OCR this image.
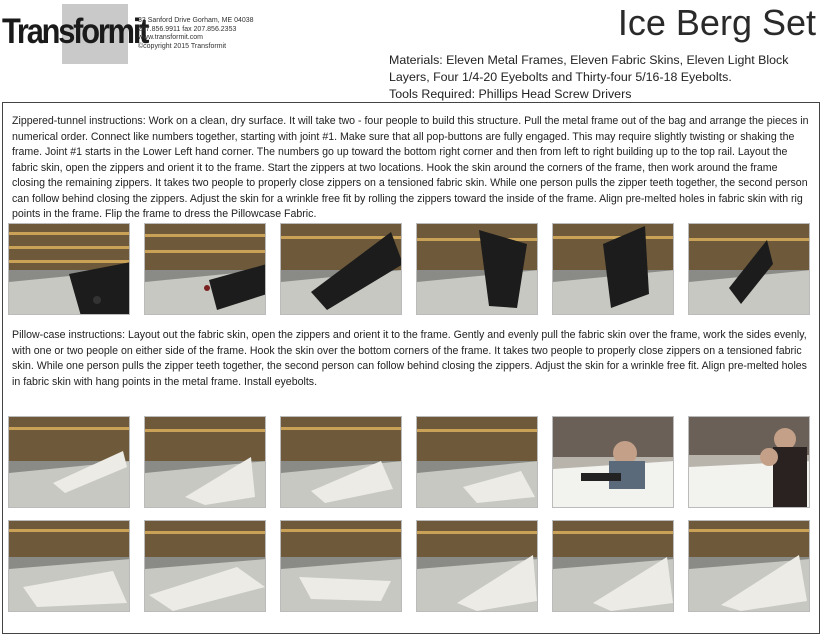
Transformit
33 Sanford Drive Gorham, ME 04038
207.856.9911 fax 207.856.2353
www.transformit.com
©copyright 2015 Transformit
Ice Berg Set
Materials: Eleven Metal Frames, Eleven Fabric Skins, Eleven Light Block Layers, Four 1/4-20 Eyebolts and Thirty-four 5/16-18 Eyebolts.
Tools Required: Phillips Head Screw Drivers
Zippered-tunnel instructions: Work on a clean, dry surface. It will take two - four people to build this structure. Pull the metal frame out of the bag and arrange the pieces in numerical order. Connect like numbers together, starting with joint #1. Make sure that all pop-buttons are fully engaged. This may require slightly twisting or shaking the frame. Joint #1 starts in the Lower Left hand corner. The numbers go up toward the bottom right corner and then from left to right building up to the top rail. Layout the fabric skin, open the zippers and orient it to the frame. Start the zippers at two locations. Hook the skin around the corners of the frame, then work around the frame closing the remaining zippers. It takes two people to properly close zippers on a tensioned fabric skin. While one person pulls the zipper teeth together, the second person can follow behind closing the zippers. Adjust the skin for a wrinkle free fit by rolling the zippers toward the inside of the frame. Align pre-melted holes in fabric skin with rig points in the frame. Flip the frame to dress the Pillowcase Fabric.
Pillow-case instructions: Layout out the fabric skin, open the zippers and orient it to the frame. Gently and evenly pull the fabric skin over the frame, work the sides evenly, with one or two people on either side of the frame. Hook the skin over the bottom corners of the frame. It takes two people to properly close zippers on a tensioned fabric skin. While one person pulls the zipper teeth together, the second person can follow behind closing the zippers. Adjust the skin for a wrinkle free fit. Align pre-melted holes in fabric skin with hang points in the metal frame. Install eyebolts.
